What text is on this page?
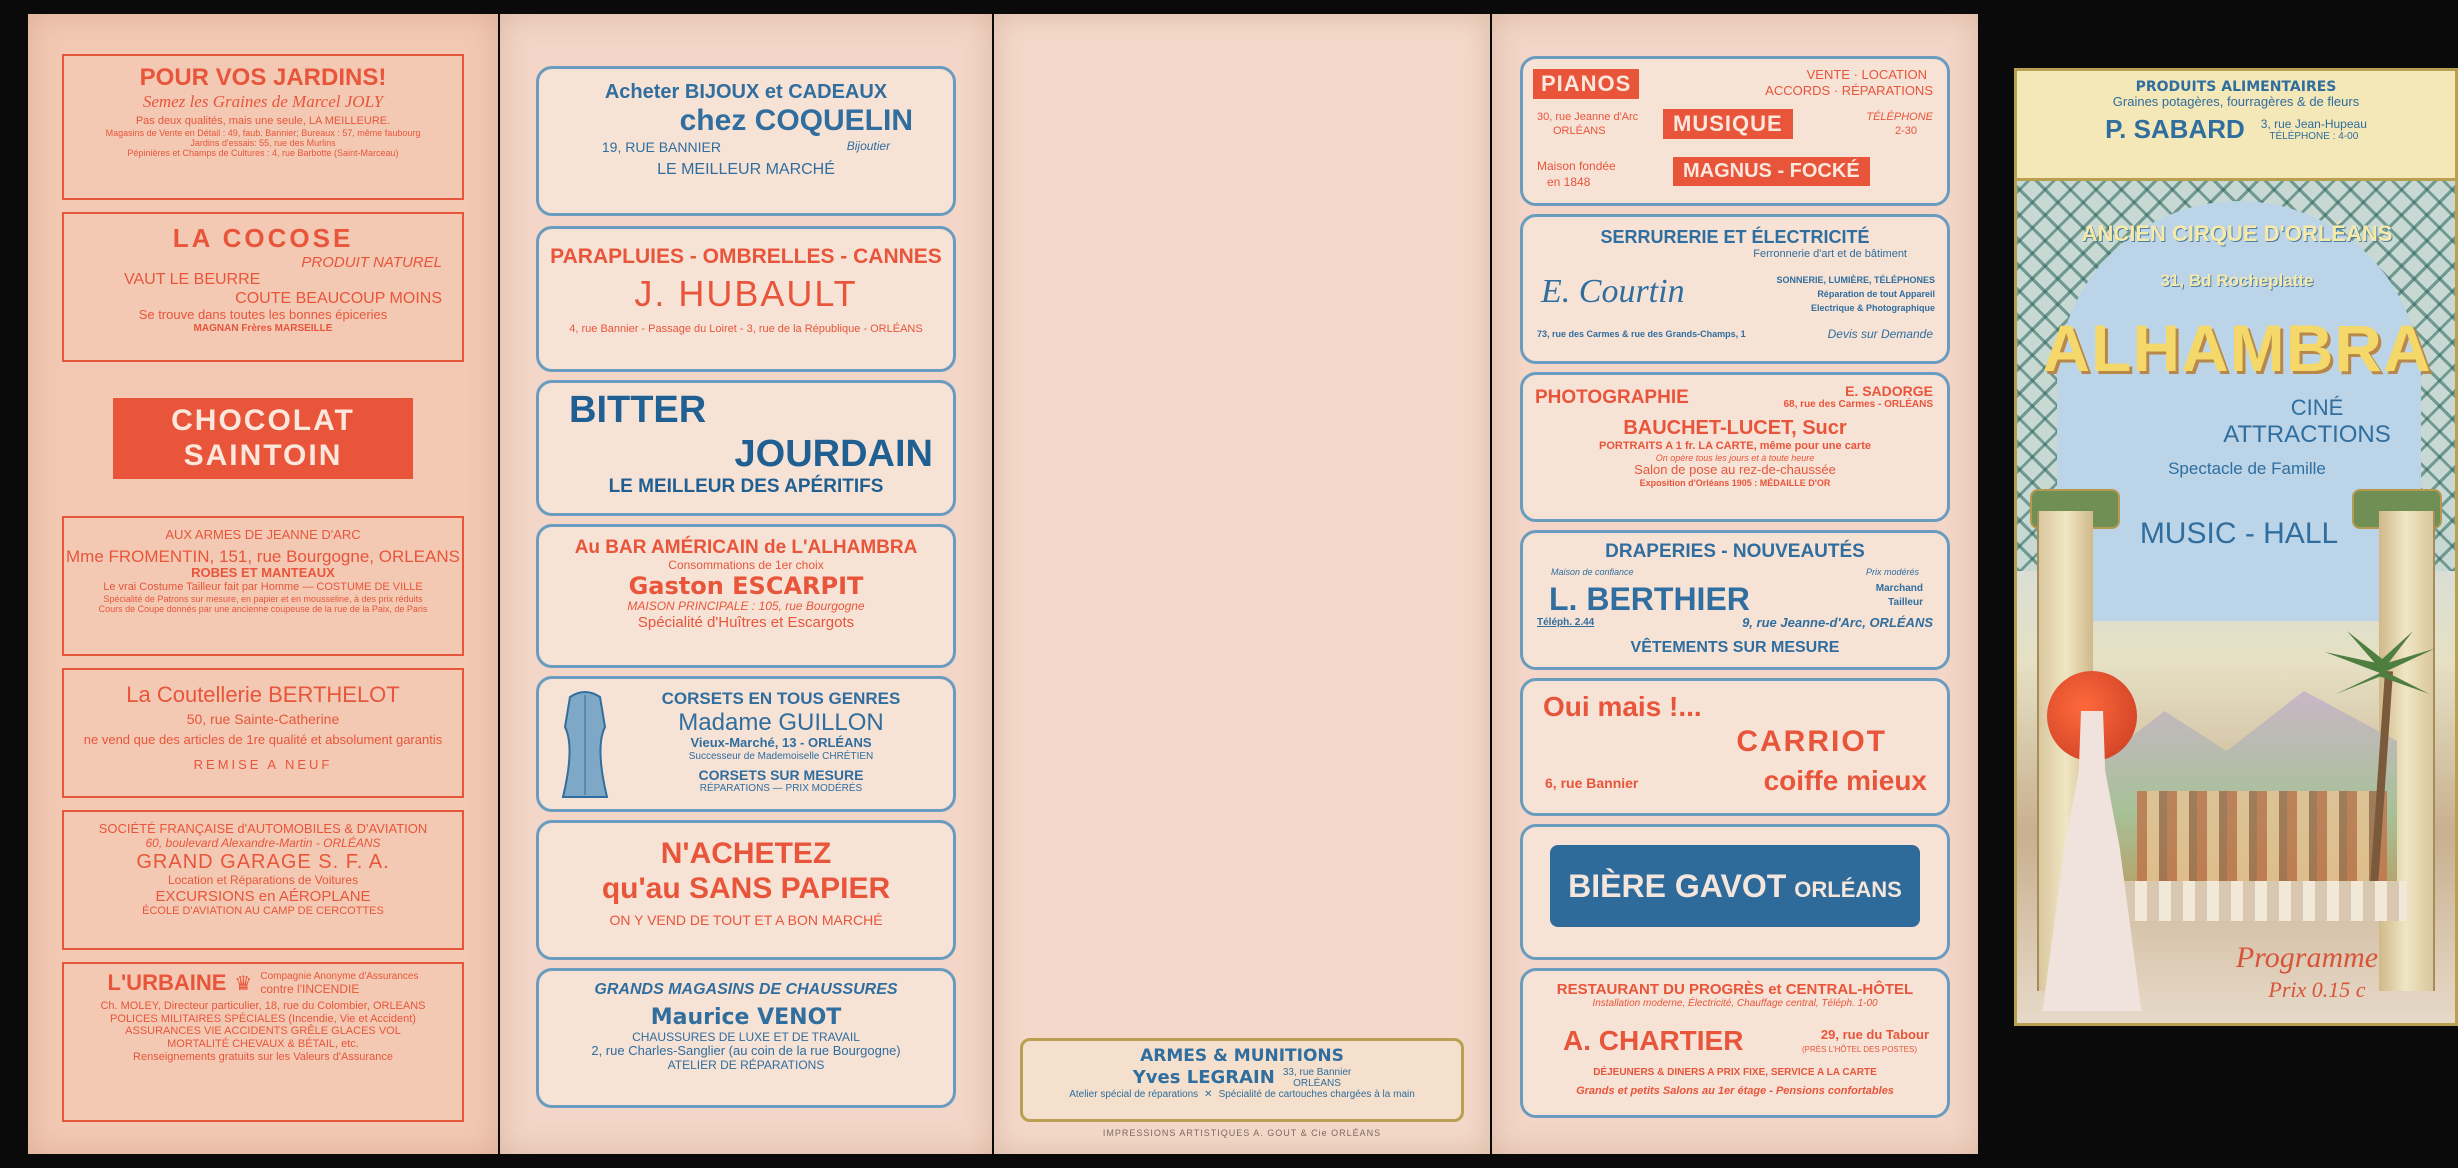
POUR VOS JARDINS!
Semez les Graines de Marcel JOLY
Pas deux qualités, mais une seule, LA MEILLEURE.
Magasins de Vente en Détail : 49, faub. Bannier; Bureaux : 57, même faubourg
Jardins d'essais: 55, rue des Murlins
Pépinières et Champs de Cultures : 4, rue Barbotte (Saint-Marceau)
LA COCOSE
PRODUIT NATUREL
VAUT LE BEURRE
COUTE BEAUCOUP MOINS
Se trouve dans toutes les bonnes épiceries
MAGNAN Frères MARSEILLE
CHOCOLAT
SAINTOIN
AUX ARMES DE JEANNE D'ARC
Mme FROMENTIN, 151, rue Bourgogne, ORLEANS
ROBES ET MANTEAUX
Le vrai Costume Tailleur fait par Homme — COSTUME DE VILLE
Spécialité de Patrons sur mesure, en papier et en mousseline, à des prix réduits
Cours de Coupe donnés par une ancienne coupeuse de la rue de la Paix, de Paris
La Coutellerie BERTHELOT
50, rue Sainte-Catherine
ne vend que des articles de 1re qualité et absolument garantis
REMISE A NEUF
SOCIÉTÉ FRANÇAISE d'AUTOMOBILES & D'AVIATION
60, boulevard Alexandre-Martin - ORLÉANS
GRAND GARAGE S. F. A.
Location et Réparations de Voitures
EXCURSIONS en AÉROPLANE
ÉCOLE D'AVIATION AU CAMP DE CERCOTTES
L'URBAINE ♛ Compagnie Anonyme d'Assurances
contre l'INCENDIE
Ch. MOLEY, Directeur particulier, 18, rue du Colombier, ORLEANS
POLICES MILITAIRES SPÉCIALES (Incendie, Vie et Accident)
ASSURANCES VIE ACCIDENTS GRÊLE GLACES VOL
MORTALITÉ CHEVAUX & BÉTAIL, etc.
Renseignements gratuits sur les Valeurs d'Assurance
Acheter BIJOUX et CADEAUX
chez COQUELIN
19, RUE BANNIER	Bijoutier
LE MEILLEUR MARCHÉ
PARAPLUIES - OMBRELLES - CANNES
J. HUBAULT
4, rue Bannier - Passage du Loiret - 3, rue de la République - ORLÉANS
BITTER
JOURDAIN
LE MEILLEUR DES APÉRITIFS
Au BAR AMÉRICAIN de L'ALHAMBRA
Consommations de 1er choix
Gaston ESCARPIT
MAISON PRINCIPALE : 105, rue Bourgogne
Spécialité d'Huîtres et Escargots
CORSETS EN TOUS GENRES
Madame GUILLON
Vieux-Marché, 13 - ORLÉANS
Successeur de Mademoiselle CHRÉTIEN
CORSETS SUR MESURE
RÉPARATIONS — PRIX MODÉRÉS
N'ACHETEZ
qu'au SANS PAPIER
ON Y VEND DE TOUT ET A BON MARCHÉ
GRANDS MAGASINS DE CHAUSSURES
Maurice VENOT
CHAUSSURES DE LUXE ET DE TRAVAIL
2, rue Charles-Sanglier (au coin de la rue Bourgogne)
ATELIER DE RÉPARATIONS
PRODUITS ALIMENTAIRES
Graines potagères, fourragères & de fleurs
P. SABARD 3, rue Jean-Hupeau
TÉLÉPHONE : 4-00
ANCIEN CIRQUE D'ORLÉANS
31, Bd Rocheplatte
ALHAMBRA
CINÉ
ATTRACTIONS
Spectacle de Famille
MUSIC - HALL
Programme
Prix 0.15 c
ARMES & MUNITIONS
Yves LEGRAIN 33, rue Bannier
ORLÉANS
Atelier spécial de réparations ✕ Spécialité de cartouches chargées à la main
IMPRESSIONS ARTISTIQUES A. GOUT & Cie ORLÉANS
PIANOS	VENTE · LOCATION
ACCORDS · RÉPARATIONS
30, rue Jeanne d'Arc
ORLÉANS	MUSIQUE	TÉLÉPHONE
2-30
Maison fondée
en 1848	MAGNUS - FOCKÉ
SERRURERIE ET ÉLECTRICITÉ
Ferronnerie d'art et de bâtiment
E. Courtin	SONNERIE, LUMIÈRE, TÉLÉPHONES
Réparation de tout Appareil
Electrique & Photographique
73, rue des Carmes & rue des Grands-Champs, 1	Devis sur Demande
PHOTOGRAPHIE	E. SADORGE
68, rue des Carmes - ORLÉANS
BAUCHET-LUCET, Sucr
PORTRAITS A 1 fr. LA CARTE, même pour une carte
On opère tous les jours et à toute heure
Salon de pose au rez-de-chaussée
Exposition d'Orléans 1905 : MÉDAILLE D'OR
DRAPERIES - NOUVEAUTÉS
Maison de confiance	Prix modérés
L. BERTHIER	Marchand
Tailleur
Téléph. 2.44	9, rue Jeanne-d'Arc, ORLÉANS
VÊTEMENTS SUR MESURE
Oui mais !...
CARRIOT
6, rue Bannier	coiffe mieux
BIÈRE GAVOT ORLÉANS
RESTAURANT DU PROGRÈS et CENTRAL-HÔTEL
Installation moderne, Électricité, Chauffage central, Téléph. 1-00
A. CHARTIER	29, rue du Tabour
(PRÈS L'HÔTEL DES POSTES)
DÉJEUNERS & DINERS A PRIX FIXE, SERVICE A LA CARTE
Grands et petits Salons au 1er étage - Pensions confortables
